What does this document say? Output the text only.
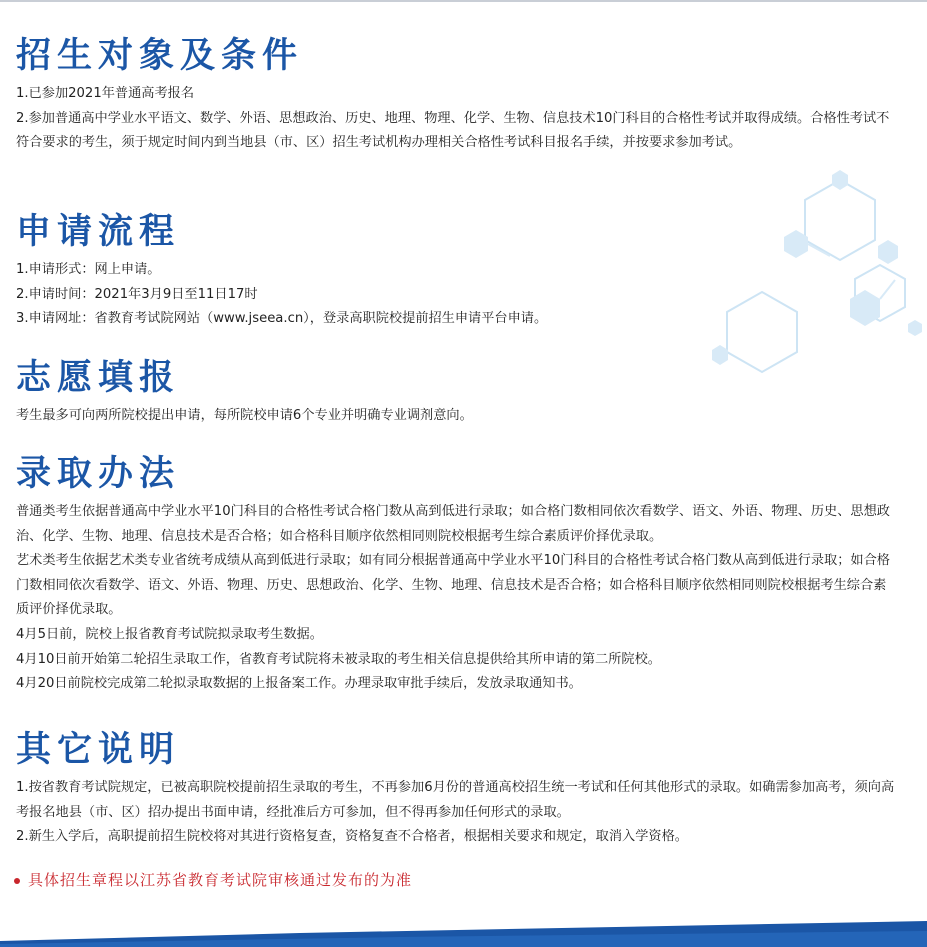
招生对象及条件

1.已参加2021年普通高考报名

2.参加普通高中学业水平语文、数学、外语、思想政治、历史、地理、物理、化学、生物、信息技术10门科目的合格性考试并取得成绩。合格性考试不符合要求的考生，须于规定时间内到当地县（市、区）招生考试机构办理相关合格性考试科目报名手续，并按要求参加考试。

申请流程

1.申请形式：网上申请。

2.申请时间：2021年3月9日至11日17时

3.申请网址：省教育考试院网站（www.jseea.cn），登录高职院校提前招生申请平台申请。

志愿填报

考生最多可向两所院校提出申请，每所院校申请6个专业并明确专业调剂意向。

录取办法

普通类考生依据普通高中学业水平10门科目的合格性考试合格门数从高到低进行录取；如合格门数相同依次看数学、语文、外语、物理、历史、思想政治、化学、生物、地理、信息技术是否合格；如合格科目顺序依然相同则院校根据考生综合素质评价择优录取。

艺术类考生依据艺术类专业省统考成绩从高到低进行录取；如有同分根据普通高中学业水平10门科目的合格性考试合格门数从高到低进行录取；如合格门数相同依次看数学、语文、外语、物理、历史、思想政治、化学、生物、地理、信息技术是否合格；如合格科目顺序依然相同则院校根据考生综合素质评价择优录取。

4月5日前，院校上报省教育考试院拟录取考生数据。

4月10日前开始第二轮招生录取工作，省教育考试院将未被录取的考生相关信息提供给其所申请的第二所院校。

4月20日前院校完成第二轮拟录取数据的上报备案工作。办理录取审批手续后，发放录取通知书。

其它说明

1.按省教育考试院规定，已被高职院校提前招生录取的考生，不再参加6月份的普通高校招生统一考试和任何其他形式的录取。如确需参加高考，须向高考报名地县（市、区）招办提出书面申请，经批准后方可参加，但不得再参加任何形式的录取。

2.新生入学后，高职提前招生院校将对其进行资格复查，资格复查不合格者，根据相关要求和规定，取消入学资格。

具体招生章程以江苏省教育考试院审核通过发布的为准
